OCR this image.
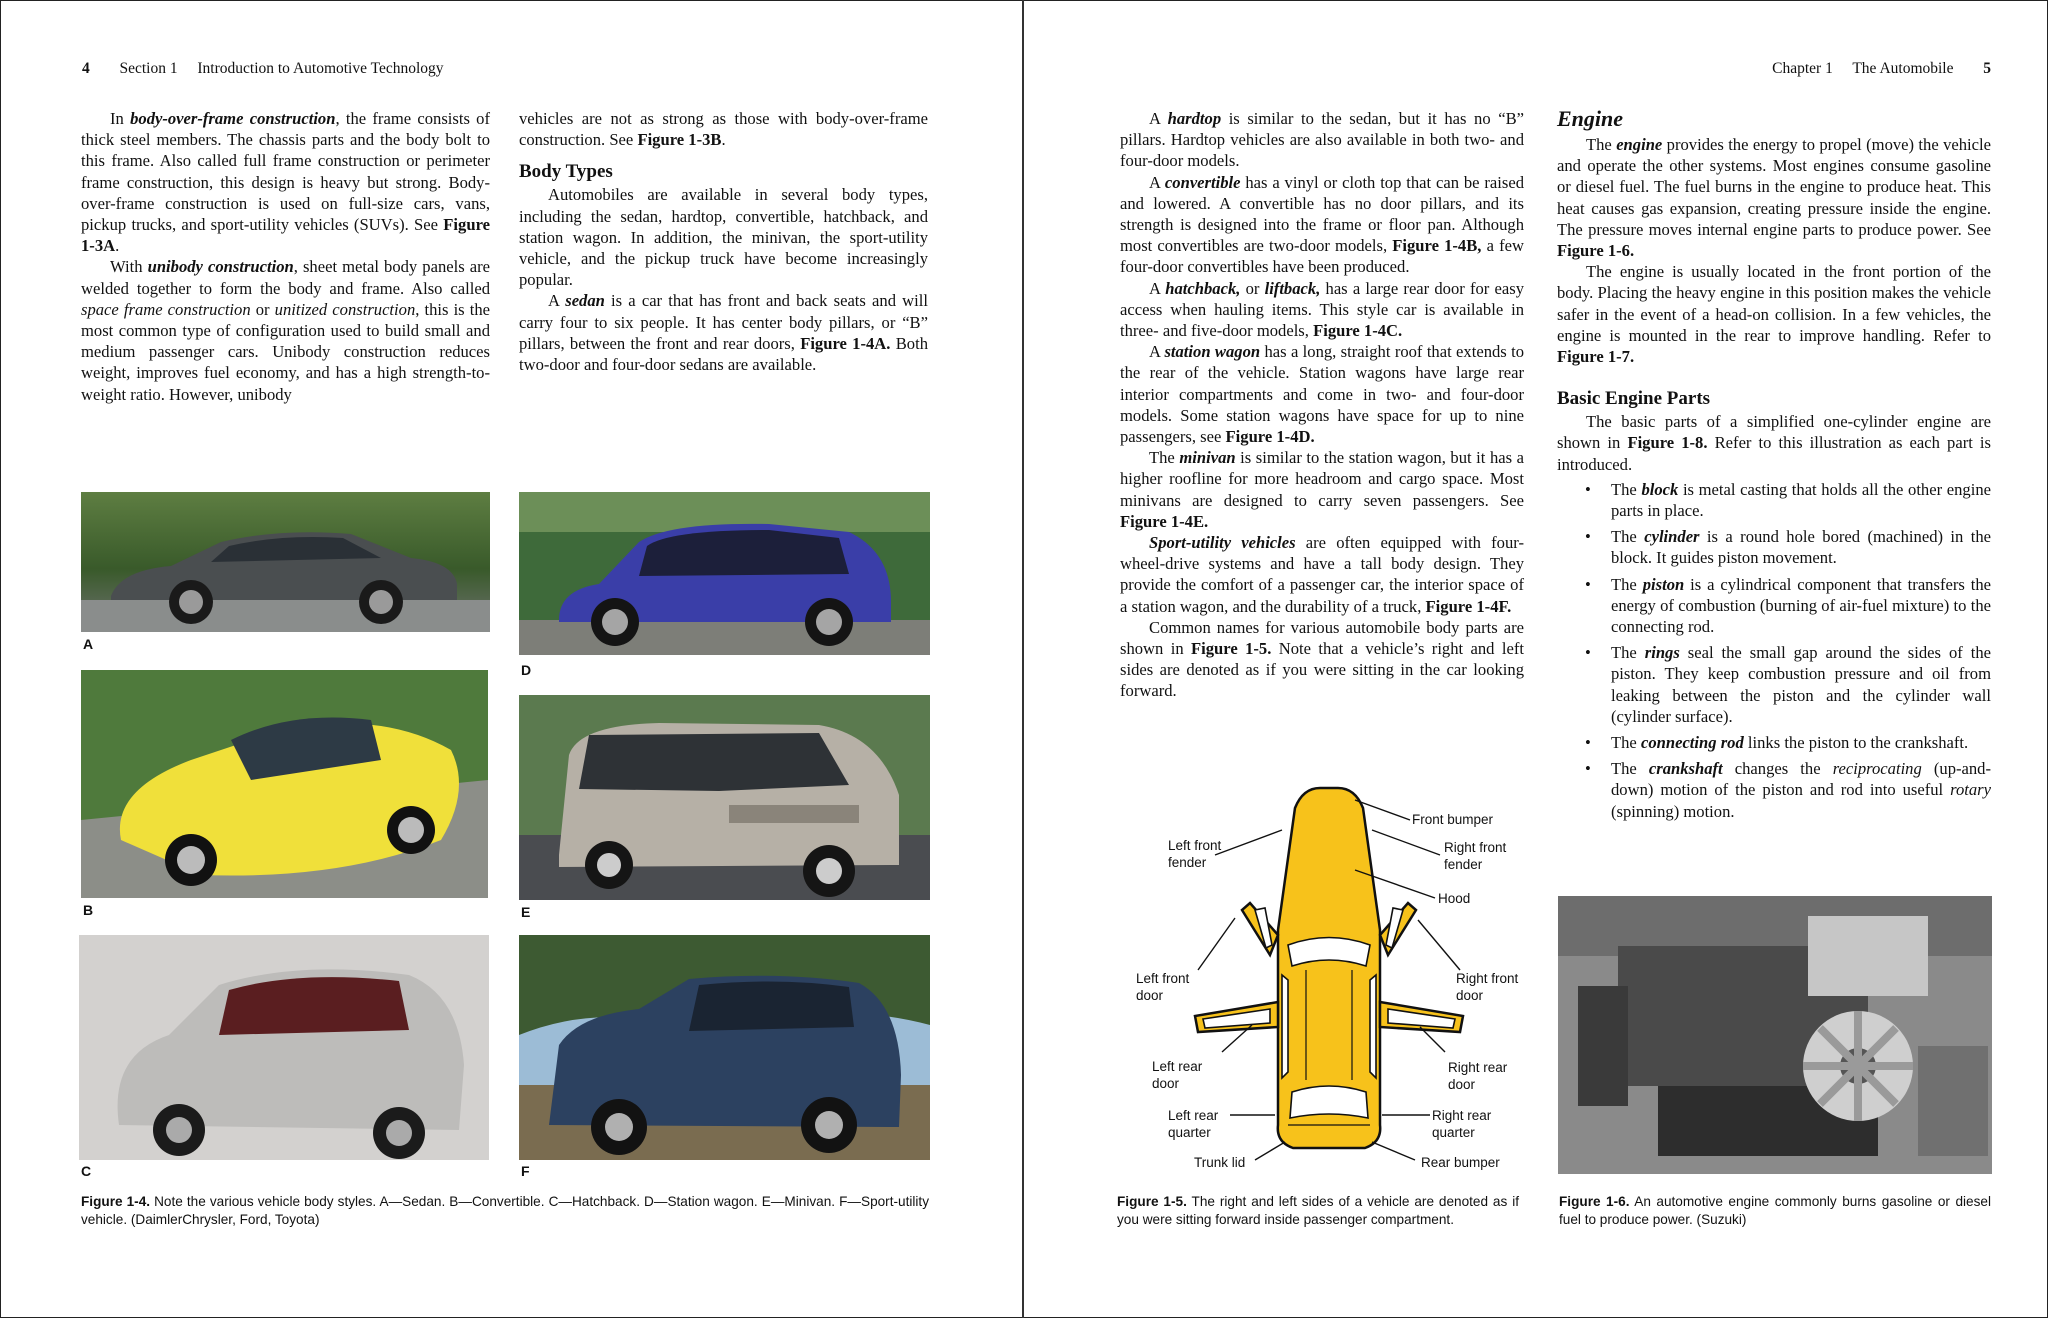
4 Section 1 Introduction to Automotive Technology

In body-over-frame construction, the frame consists of thick steel members. The chassis parts and the body bolt to this frame. Also called full frame construction or perimeter frame construction, this design is heavy but strong. Body-over-frame construction is used on full-size cars, vans, pickup trucks, and sport-utility vehicles (SUVs). See Figure 1-3A.

With unibody construction, sheet metal body panels are welded together to form the body and frame. Also called space frame construction or unitized construction, this is the most common type of configuration used to build small and medium passenger cars. Unibody construction reduces weight, improves fuel economy, and has a high strength-to-weight ratio. However, unibody

vehicles are not as strong as those with body-over-frame construction. See Figure 1-3B.

Body Types

Automobiles are available in several body types, including the sedan, hardtop, convertible, hatchback, and station wagon. In addition, the minivan, the sport-utility vehicle, and the pickup truck have become increasingly popular.

A sedan is a car that has front and back seats and will carry four to six people. It has center body pillars, or “B” pillars, between the front and rear doors, Figure 1-4A. Both two-door and four-door sedans are available.

A
D
B	E
C	F
Figure 1-4. Note the various vehicle body styles. A—Sedan. B—Convertible. C—Hatchback. D—Station wagon. E—Minivan. F—Sport-utility vehicle. (DaimlerChrysler, Ford, Toyota)
Chapter 1 The Automobile 5

A hardtop is similar to the sedan, but it has no “B” pillars. Hardtop vehicles are also available in both two- and four-door models.

A convertible has a vinyl or cloth top that can be raised and lowered. A convertible has no door pillars, and its strength is designed into the frame or floor pan. Although most convertibles are two-door models, Figure 1-4B, a few four-door convertibles have been produced.

A hatchback, or liftback, has a large rear door for easy access when hauling items. This style car is available in three- and five-door models, Figure 1-4C.

A station wagon has a long, straight roof that extends to the rear of the vehicle. Station wagons have large rear interior compartments and come in two- and four-door models. Some station wagons have space for up to nine passengers, see Figure 1-4D.

The minivan is similar to the station wagon, but it has a higher roofline for more headroom and cargo space. Most minivans are designed to carry seven passengers. See Figure 1-4E.

Sport-utility vehicles are often equipped with four-wheel-drive systems and have a tall body design. They provide the comfort of a passenger car, the interior space of a station wagon, and the durability of a truck, Figure 1-4F.

Common names for various automobile body parts are shown in Figure 1-5. Note that a vehicle’s right and left sides are denoted as if you were sitting in the car looking forward.

Engine

The engine provides the energy to propel (move) the vehicle and operate the other systems. Most engines consume gasoline or diesel fuel. The fuel burns in the engine to produce heat. This heat causes gas expansion, creating pressure inside the engine. The pressure moves internal engine parts to produce power. See Figure 1-6.

The engine is usually located in the front portion of the body. Placing the heavy engine in this position makes the vehicle safer in the event of a head-on collision. In a few vehicles, the engine is mounted in the rear to improve handling. Refer to Figure 1-7.

Basic Engine Parts

The basic parts of a simplified one-cylinder engine are shown in Figure 1-8. Refer to this illustration as each part is introduced.

• The block is metal casting that holds all the other engine parts in place.
• The cylinder is a round hole bored (machined) in the block. It guides piston movement.
• The piston is a cylindrical component that transfers the energy of combustion (burning of air-fuel mixture) to the connecting rod.
• The rings seal the small gap around the sides of the piston. They keep combustion pressure and oil from leaking between the piston and the cylinder wall (cylinder surface).
• The connecting rod links the piston to the crankshaft.
• The crankshaft changes the reciprocating (up-and-down) motion of the piston and rod into useful rotary (spinning) motion.
Front bumper
Left front
fender
Right front
fender
Hood
Left front
door
Right front
door
Left rear
door
Right rear
door
Left rear
quarter
Right rear
quarter
Trunk lid	Rear bumper
Figure 1-5. The right and left sides of a vehicle are denoted as if you were sitting forward inside passenger compartment.
Figure 1-6. An automotive engine commonly burns gasoline or diesel fuel to produce power. (Suzuki)
